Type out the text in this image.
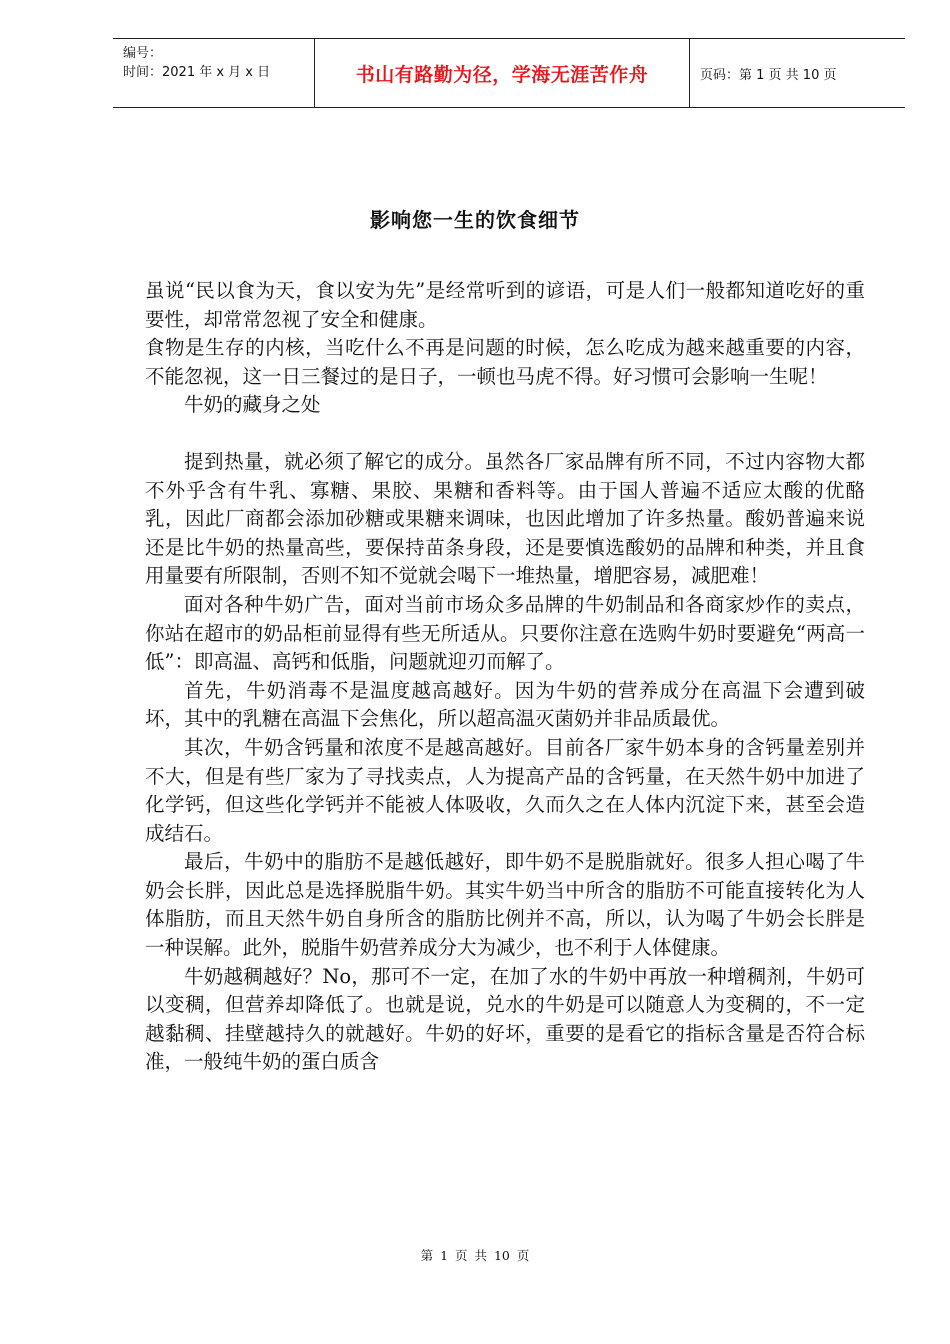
编号：
时间：2021 年 x 月 x 日	书山有路勤为径，学海无涯苦作舟	页码：第 1 页 共 10 页
影响您一生的饮食细节

虽说“民以食为天，食以安为先”是经常听到的谚语，可是人们一般都知道吃好的重要性，却常常忽视了安全和健康。

食物是生存的内核，当吃什么不再是问题的时候，怎么吃成为越来越重要的内容，不能忽视，这一日三餐过的是日子，一顿也马虎不得。好习惯可会影响一生呢！

牛奶的藏身之处

提到热量，就必须了解它的成分。虽然各厂家品牌有所不同，不过内容物大都不外乎含有牛乳、寡糖、果胶、果糖和香料等。由于国人普遍不适应太酸的优酪乳，因此厂商都会添加砂糖或果糖来调味，也因此增加了许多热量。酸奶普遍来说还是比牛奶的热量高些，要保持苗条身段，还是要慎选酸奶的品牌和种类，并且食用量要有所限制，否则不知不觉就会喝下一堆热量，增肥容易，减肥难！

面对各种牛奶广告，面对当前市场众多品牌的牛奶制品和各商家炒作的卖点，你站在超市的奶品柜前显得有些无所适从。只要你注意在选购牛奶时要避免“两高一低”：即高温、高钙和低脂，问题就迎刃而解了。

首先，牛奶消毒不是温度越高越好。因为牛奶的营养成分在高温下会遭到破坏，其中的乳糖在高温下会焦化，所以超高温灭菌奶并非品质最优。

其次，牛奶含钙量和浓度不是越高越好。目前各厂家牛奶本身的含钙量差别并不大，但是有些厂家为了寻找卖点，人为提高产品的含钙量，在天然牛奶中加进了化学钙，但这些化学钙并不能被人体吸收，久而久之在人体内沉淀下来，甚至会造成结石。

最后，牛奶中的脂肪不是越低越好，即牛奶不是脱脂就好。很多人担心喝了牛奶会长胖，因此总是选择脱脂牛奶。其实牛奶当中所含的脂肪不可能直接转化为人体脂肪，而且天然牛奶自身所含的脂肪比例并不高，所以，认为喝了牛奶会长胖是一种误解。此外，脱脂牛奶营养成分大为减少，也不利于人体健康。

牛奶越稠越好？No，那可不一定，在加了水的牛奶中再放一种增稠剂，牛奶可以变稠，但营养却降低了。也就是说，兑水的牛奶是可以随意人为变稠的，不一定越黏稠、挂壁越持久的就越好。牛奶的好坏，重要的是看它的指标含量是否符合标准，一般纯牛奶的蛋白质含

第 1 页 共 10 页
